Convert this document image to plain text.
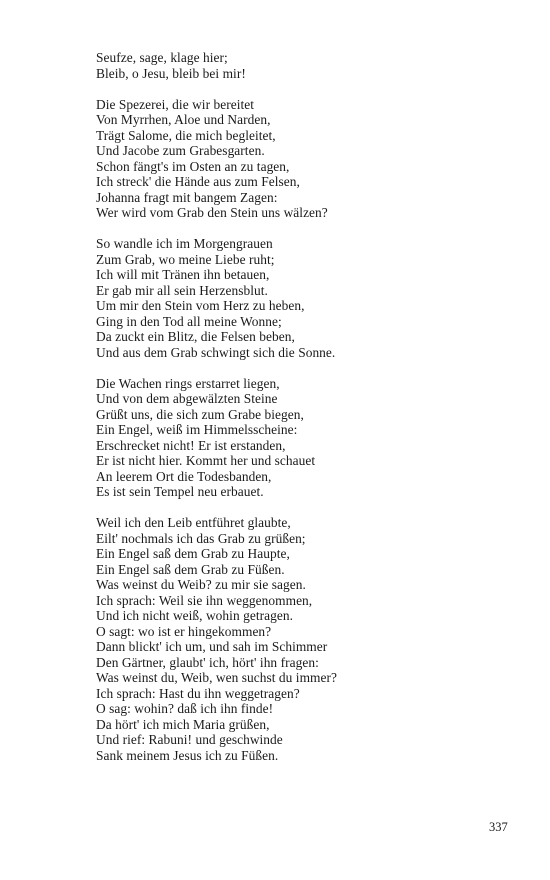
Seufze, sage, klage hier;
Bleib, o Jesu, bleib bei mir!
Die Spezerei, die wir bereitet
Von Myrrhen, Aloe und Narden,
Trägt Salome, die mich begleitet,
Und Jacobe zum Grabesgarten.
Schon fängt's im Osten an zu tagen,
Ich streck' die Hände aus zum Felsen,
Johanna fragt mit bangem Zagen:
Wer wird vom Grab den Stein uns wälzen?
So wandle ich im Morgengrauen
Zum Grab, wo meine Liebe ruht;
Ich will mit Tränen ihn betauen,
Er gab mir all sein Herzensblut.
Um mir den Stein vom Herz zu heben,
Ging in den Tod all meine Wonne;
Da zuckt ein Blitz, die Felsen beben,
Und aus dem Grab schwingt sich die Sonne.
Die Wachen rings erstarret liegen,
Und von dem abgewälzten Steine
Grüßt uns, die sich zum Grabe biegen,
Ein Engel, weiß im Himmelsscheine:
Erschrecket nicht! Er ist erstanden,
Er ist nicht hier. Kommt her und schauet
An leerem Ort die Todesbanden,
Es ist sein Tempel neu erbauet.
Weil ich den Leib entführet glaubte,
Eilt' nochmals ich das Grab zu grüßen;
Ein Engel saß dem Grab zu Haupte,
Ein Engel saß dem Grab zu Füßen.
Was weinst du Weib? zu mir sie sagen.
Ich sprach: Weil sie ihn weggenommen,
Und ich nicht weiß, wohin getragen.
O sagt: wo ist er hingekommen?
Dann blickt' ich um, und sah im Schimmer
Den Gärtner, glaubt' ich, hört' ihn fragen:
Was weinst du, Weib, wen suchst du immer?
Ich sprach: Hast du ihn weggetragen?
O sag: wohin? daß ich ihn finde!
Da hört' ich mich Maria grüßen,
Und rief: Rabuni! und geschwinde
Sank meinem Jesus ich zu Füßen.
337
